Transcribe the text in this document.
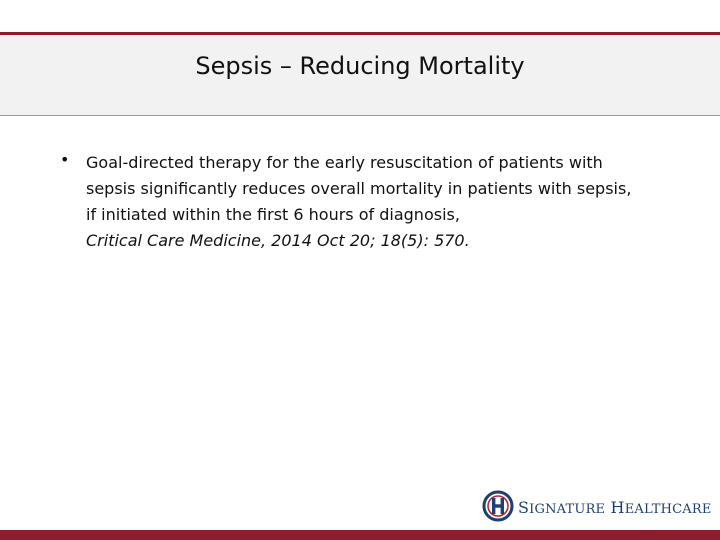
Sepsis – Reducing Mortality
• Goal-directed therapy for the early resuscitation of patients with sepsis significantly reduces overall mortality in patients with sepsis, if initiated within the first 6 hours of diagnosis,
Critical Care Medicine, 2014 Oct 20; 18(5): 570.
SIGNATURE HEALTHCARE
